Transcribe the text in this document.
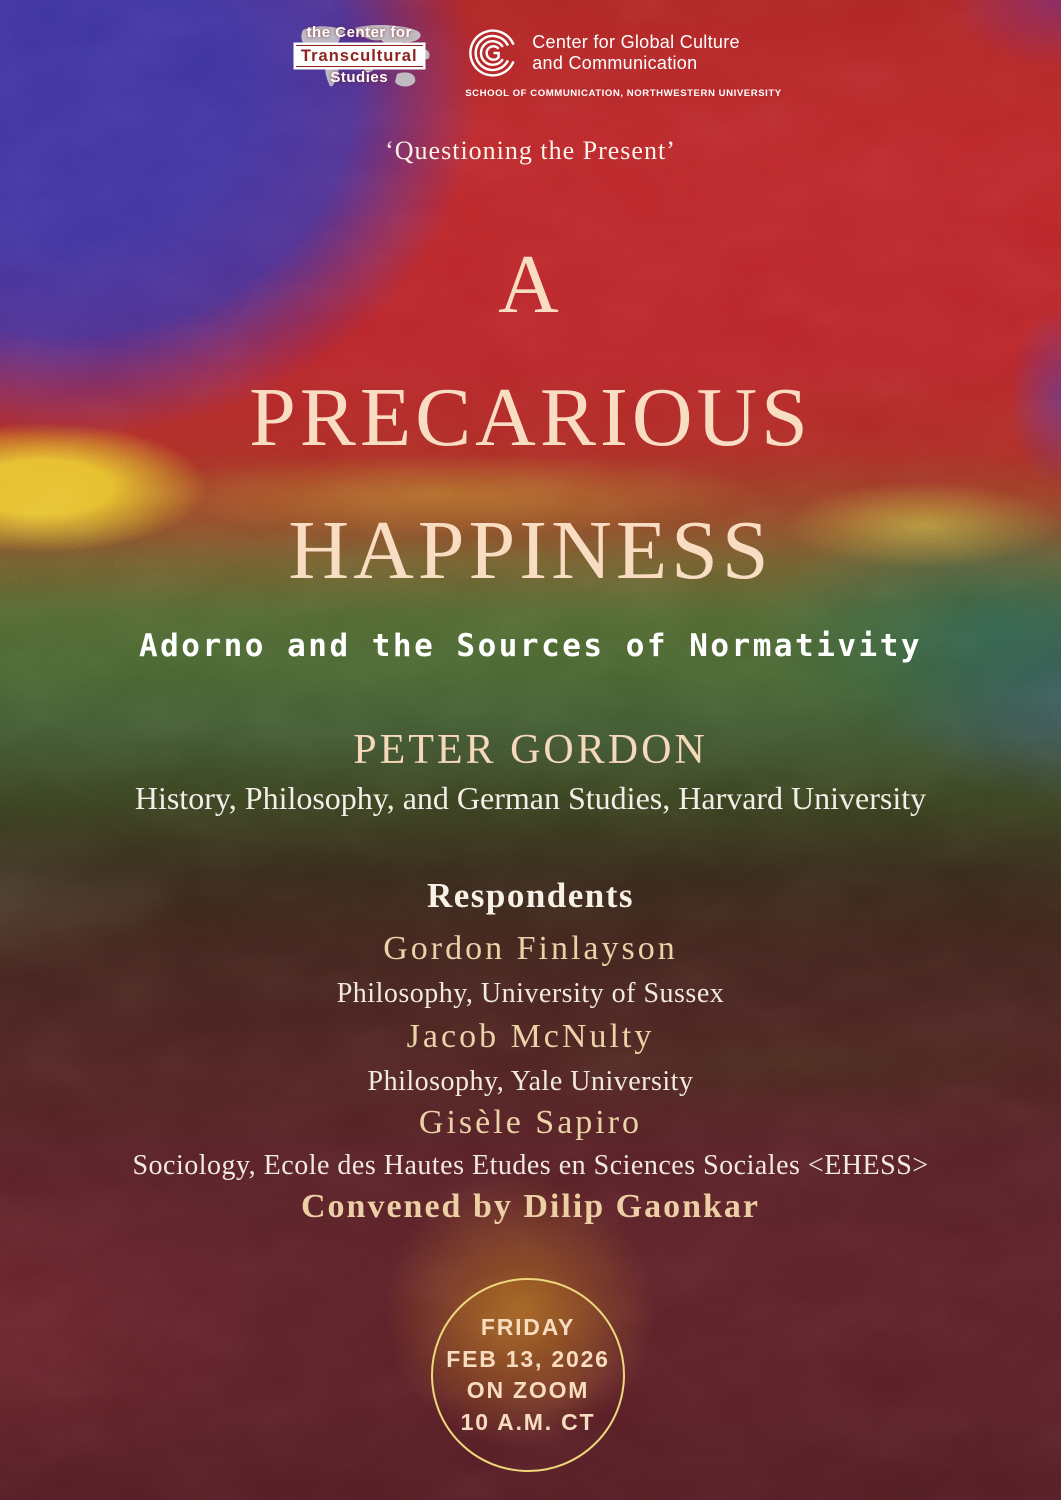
the Center for
Transcultural
Studies
Center for Global Culture
and Communication
SCHOOL OF COMMUNICATION, NORTHWESTERN UNIVERSITY
‘Questioning the Present’
A
PRECARIOUS
HAPPINESS
Adorno and the Sources of Normativity
PETER GORDON
History, Philosophy, and German Studies, Harvard University
Respondents
Gordon Finlayson
Philosophy, University of Sussex
Jacob McNulty
Philosophy, Yale University
Gisèle Sapiro
Sociology, Ecole des Hautes Etudes en Sciences Sociales <EHESS>
Convened by Dilip Gaonkar
FRIDAY
FEB 13, 2026
ON ZOOM
10 A.M. CT
